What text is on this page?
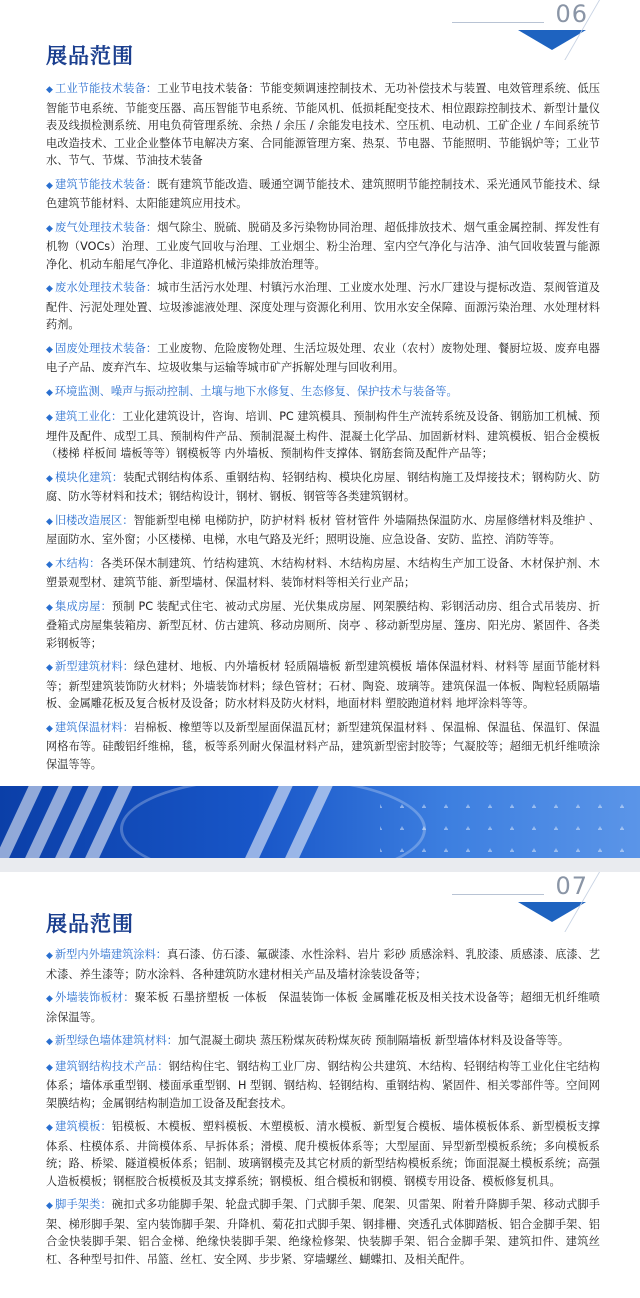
06
展品范围
◆ 工业节能技术装备：工业节电技术装备：节能变频调速控制技术、无功补偿技术与装置、电效管理系统、低压智能节电系统、节能变压器、高压智能节电系统、节能风机、低损耗配变技术、相位跟踪控制技术、新型计量仪表及线损检测系统、用电负荷管理系统、余热 / 余压 / 余能发电技术、空压机、电动机、工矿企业 / 车间系统节电改造技术、工业企业整体节电解决方案、合同能源管理方案、热泵、节电器、节能照明、节能锅炉等；工业节水、节气、节煤、节油技术装备
◆ 建筑节能技术装备：既有建筑节能改造、暖通空调节能技术、建筑照明节能控制技术、采光通风节能技术、绿色建筑节能材料、太阳能建筑应用技术。
◆ 废气处理技术装备：烟气除尘、脱硫、脱硝及多污染物协同治理、超低排放技术、烟气重金属控制、挥发性有机物（VOCs）治理、工业废气回收与治理、工业烟尘、粉尘治理、室内空气净化与洁净、油气回收装置与能源净化、机动车船尾气净化、非道路机械污染排放治理等。
◆ 废水处理技术装备：城市生活污水处理、村镇污水治理、工业废水处理、污水厂建设与提标改造、泵阀管道及配件、污泥处理处置、垃圾渗滤液处理、深度处理与资源化利用、饮用水安全保障、面源污染治理、水处理材料药剂。
◆ 固废处理技术装备：工业废物、危险废物处理、生活垃圾处理、农业（农村）废物处理、餐厨垃圾、废弃电器电子产品、废弃汽车、垃圾收集与运输等城市矿产拆解处理与回收利用。
◆ 环境监测、噪声与振动控制、土壤与地下水修复、生态修复、保护技术与装备等。
◆ 建筑工业化：工业化建筑设计，咨询、培训、PC 建筑模具、预制构件生产流转系统及设备、钢筋加工机械、预埋件及配件、成型工具、预制构件产品、预制混凝土构件、混凝土化学品、加固新材料、建筑模板、铝合金模板（楼梯 样板间 墙板等等）钢模板等 内外墙板、预制构件支撑体、钢筋套筒及配件产品等；
◆ 模块化建筑：装配式钢结构体系、重钢结构、轻钢结构、模块化房屋、钢结构施工及焊接技术；钢构防火、防腐、防水等材料和技术；钢结构设计，钢材、钢板、钢管等各类建筑钢材。
◆ 旧楼改造展区：智能新型电梯 电梯防护，防护材料 板材 管材管件 外墙隔热保温防水、房屋修缮材料及维护 、屋面防水、室外窗；小区楼梯、电梯，水电气路及光纤；照明设施、应急设备、安防、监控、消防等等。
◆ 木结构：各类环保木制建筑、竹结构建筑、木结构材料、木结构房屋、木结构生产加工设备、木材保护剂、木塑景观型材、建筑节能、新型墙材、保温材料、装饰材料等相关行业产品；
◆ 集成房屋：预制 PC 装配式住宅、被动式房屋、光伏集成房屋、网架膜结构、彩钢活动房、组合式吊装房、折叠箱式房屋集装箱房、新型瓦材、仿古建筑、移动房厕所、岗亭 、移动新型房屋、篷房、阳光房、紧固件、各类彩钢板等；
◆ 新型建筑材料：绿色建材、地板、内外墙板材 轻质隔墙板 新型建筑模板 墙体保温材料、材料等 屋面节能材料等；新型建筑装饰防火材料；外墙装饰材料；绿色管材；石材、陶瓷、玻璃等。建筑保温一体板、陶粒轻质隔墙板、金属雕花板及复合板材及设备；防水材料及防火材料，地面材料 塑胶跑道材料 地坪涂料等等。
◆ 建筑保温材料：岩棉板、橡塑等以及新型屋面保温瓦材；新型建筑保温材料 、保温棉、保温毡、保温钉、保温网格布等。硅酸铝纤维棉，毯，板等系列耐火保温材料产品，建筑新型密封胶等；气凝胶等；超细无机纤维喷涂保温等等。
07
展品范围
◆ 新型内外墙建筑涂料：真石漆、仿石漆、氟碳漆、水性涂料、岩片 彩砂 质感涂料、乳胶漆、质感漆、底漆、艺术漆、养生漆等；防水涂料、各种建筑防水建材相关产品及墙材涂装设备等；
◆ 外墙装饰板材：聚苯板 石墨挤塑板 一体板　保温装饰一体板 金属雕花板及相关技术设备等；超细无机纤维喷涂保温等。
◆ 新型绿色墙体建筑材料：加气混凝土砌块 蒸压粉煤灰砖粉煤灰砖 预制隔墙板 新型墙体材料及设备等等。
◆ 建筑钢结构技术产品：钢结构住宅、钢结构工业厂房、钢结构公共建筑、木结构、轻钢结构等工业化住宅结构体系；墙体承重型钢、楼面承重型钢、H 型钢、钢结构、轻钢结构、重钢结构、紧固件、相关零部件等。空间网架膜结构；金属钢结构制造加工设备及配套技术。
◆ 建筑模板：铝模板、木模板、塑料模板、木塑模板、清水模板、新型复合模板、墙体模板体系、新型模板支撑体系、柱模体系、井筒模体系、早拆体系；滑模、爬升模板体系等；大型屋面、异型新型模板系统；多向模板系统；路、桥梁、隧道模板体系；铝制、玻璃钢模壳及其它材质的新型结构模板系统；饰面混凝土模板系统；高强人造板模板；钢框胶合板模板及其支撑系统；钢模板、组合模板和钢模、钢模专用设备、模板修复机具。
◆ 脚手架类：碗扣式多功能脚手架、轮盘式脚手架、门式脚手架、爬架、贝雷架、附着升降脚手架、移动式脚手架、梯形脚手架、室内装饰脚手架、升降机、菊花扣式脚手架、钢排栅、突透孔式体脚踏板、铝合金脚手架、铝合金快装脚手架、铝合金梯、绝缘快装脚手架、绝缘检修架、快装脚手架、铝合金脚手架、建筑扣件、建筑丝杠、各种型号扣件、吊篮、丝杠、安全网、步步紧、穿墙螺丝、蝴蝶扣、及相关配件。
